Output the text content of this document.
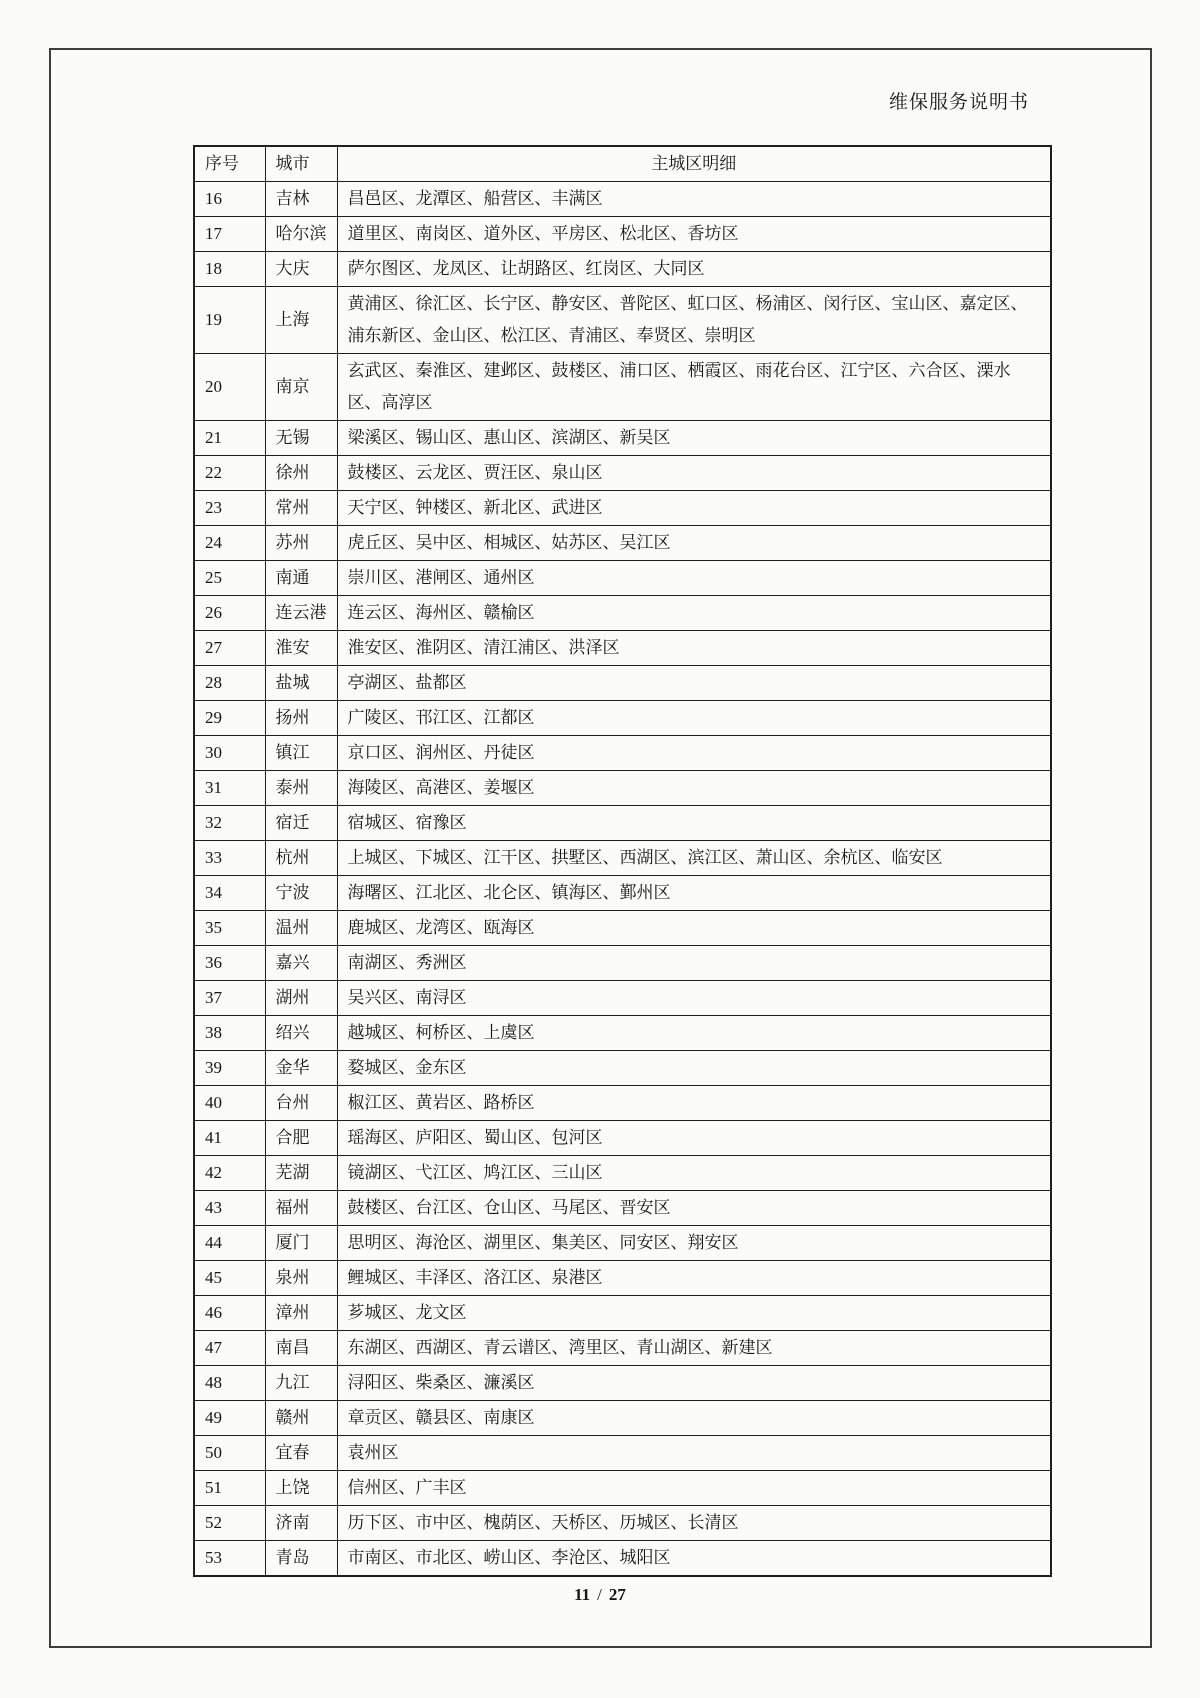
维保服务说明书
序号	城市	主城区明细
16	吉林	昌邑区、龙潭区、船营区、丰满区
17	哈尔滨	道里区、南岗区、道外区、平房区、松北区、香坊区
18	大庆	萨尔图区、龙凤区、让胡路区、红岗区、大同区
19	上海	黄浦区、徐汇区、长宁区、静安区、普陀区、虹口区、杨浦区、闵行区、宝山区、嘉定区、浦东新区、金山区、松江区、青浦区、奉贤区、崇明区
20	南京	玄武区、秦淮区、建邺区、鼓楼区、浦口区、栖霞区、雨花台区、江宁区、六合区、溧水区、高淳区
21	无锡	梁溪区、锡山区、惠山区、滨湖区、新吴区
22	徐州	鼓楼区、云龙区、贾汪区、泉山区
23	常州	天宁区、钟楼区、新北区、武进区
24	苏州	虎丘区、吴中区、相城区、姑苏区、吴江区
25	南通	崇川区、港闸区、通州区
26	连云港	连云区、海州区、赣榆区
27	淮安	淮安区、淮阴区、清江浦区、洪泽区
28	盐城	亭湖区、盐都区
29	扬州	广陵区、邗江区、江都区
30	镇江	京口区、润州区、丹徒区
31	泰州	海陵区、高港区、姜堰区
32	宿迁	宿城区、宿豫区
33	杭州	上城区、下城区、江干区、拱墅区、西湖区、滨江区、萧山区、余杭区、临安区
34	宁波	海曙区、江北区、北仑区、镇海区、鄞州区
35	温州	鹿城区、龙湾区、瓯海区
36	嘉兴	南湖区、秀洲区
37	湖州	吴兴区、南浔区
38	绍兴	越城区、柯桥区、上虞区
39	金华	婺城区、金东区
40	台州	椒江区、黄岩区、路桥区
41	合肥	瑶海区、庐阳区、蜀山区、包河区
42	芜湖	镜湖区、弋江区、鸠江区、三山区
43	福州	鼓楼区、台江区、仓山区、马尾区、晋安区
44	厦门	思明区、海沧区、湖里区、集美区、同安区、翔安区
45	泉州	鲤城区、丰泽区、洛江区、泉港区
46	漳州	芗城区、龙文区
47	南昌	东湖区、西湖区、青云谱区、湾里区、青山湖区、新建区
48	九江	浔阳区、柴桑区、濂溪区
49	赣州	章贡区、赣县区、南康区
50	宜春	袁州区
51	上饶	信州区、广丰区
52	济南	历下区、市中区、槐荫区、天桥区、历城区、长清区
53	青岛	市南区、市北区、崂山区、李沧区、城阳区
11 / 27
